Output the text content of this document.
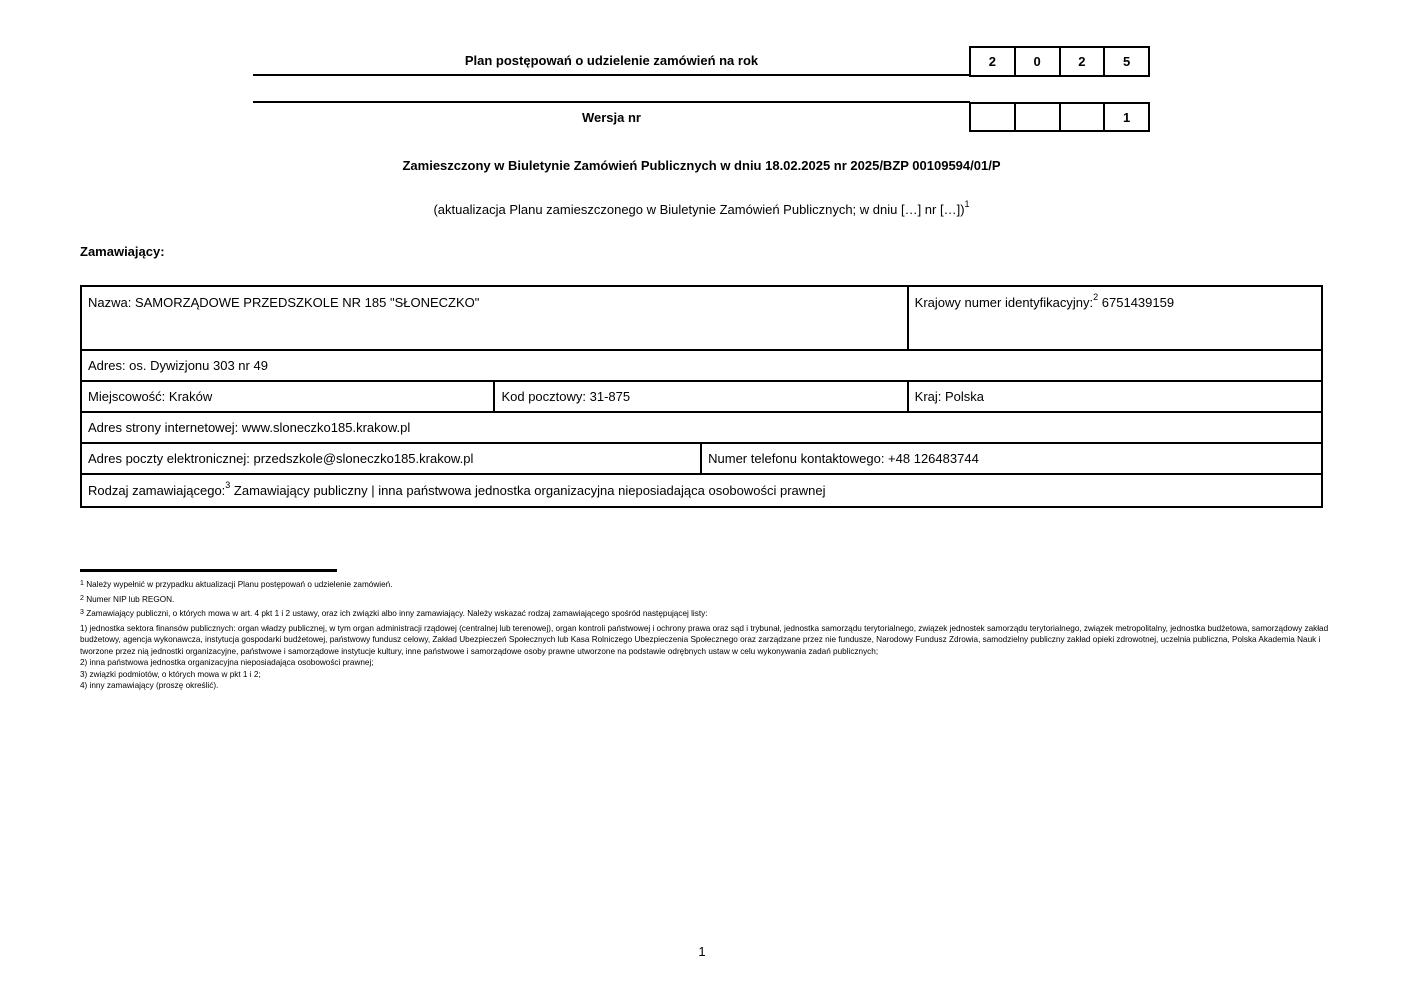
Plan postępowań o udzielenie zamówień na rok	2	0	2	5
Wersja nr	1
Zamieszczony w Biuletynie Zamówień Publicznych w dniu 18.02.2025 nr 2025/BZP 00109594/01/P
(aktualizacja Planu zamieszczonego w Biuletynie Zamówień Publicznych; w dniu […] nr […])$^1$
Zamawiający:
Nazwa: SAMORZĄDOWE PRZEDSZKOLE NR 185 "SŁONECZKO"			Krajowy numer identyfikacyjny:$^2$ 6751439159
Adres: os. Dywizjonu 303 nr 49			
Miejscowość: Kraków	Kod pocztowy: 31-875		Kraj: Polska
Adres strony internetowej: www.sloneczko185.krakow.pl			
Adres poczty elektronicznej: przedszkole@sloneczko185.krakow.pl		Numer telefonu kontaktowego: +48 126483744	
Rodzaj zamawiającego:$^3$ Zamawiający publiczny | inna państwowa jednostka organizacyjna nieposiadająca osobowości prawnej			
$^1$ Należy wypełnić w przypadku aktualizacji Planu postępowań o udzielenie zamówień.
$^2$ Numer NIP lub REGON.
$^3$ Zamawiający publiczni, o których mowa w art. 4 pkt 1 i 2 ustawy, oraz ich związki albo inny zamawiający. Należy wskazać rodzaj zamawiającego spośród następującej listy:
1) jednostka sektora finansów publicznych: organ władzy publicznej, w tym organ administracji rządowej (centralnej lub terenowej), organ kontroli państwowej i ochrony prawa oraz sąd i trybunał, jednostka samorządu terytorialnego, związek jednostek samorządu terytorialnego, związek metropolitalny, jednostka budżetowa, samorządowy zakład budżetowy, agencja wykonawcza, instytucja gospodarki budżetowej, państwowy fundusz celowy, Zakład Ubezpieczeń Społecznych lub Kasa Rolniczego Ubezpieczenia Społecznego oraz zarządzane przez nie fundusze, Narodowy Fundusz Zdrowia, samodzielny publiczny zakład opieki zdrowotnej, uczelnia publiczna, Polska Akademia Nauk i tworzone przez nią jednostki organizacyjne, państwowe i samorządowe instytucje kultury, inne państwowe i samorządowe osoby prawne utworzone na podstawie odrębnych ustaw w celu wykonywania zadań publicznych;
2) inna państwowa jednostka organizacyjna nieposiadająca osobowości prawnej;
3) związki podmiotów, o których mowa w pkt 1 i 2;
4) inny zamawiający (proszę określić).
1
